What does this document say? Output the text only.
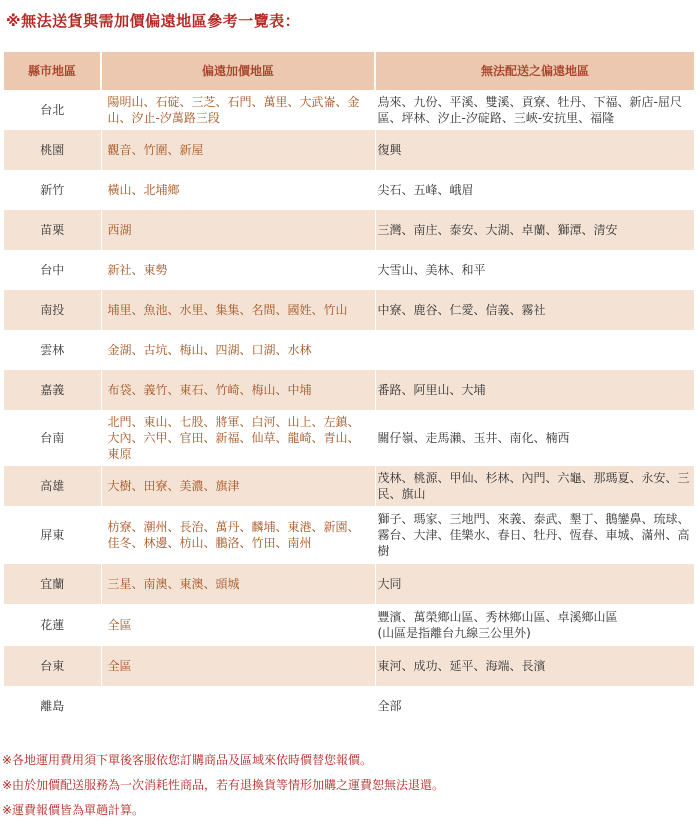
※無法送貨與需加價偏遠地區參考一覽表：
縣市地區	偏遠加價地區	無法配送之偏遠地區
台北	陽明山、石碇、三芝、石門、萬里、大武崙、金山、汐止-汐萬路三段	烏來、九份、平溪、雙溪、貢寮、牡丹、下福、新店-屈尺區、坪林、汐止-汐碇路、三峽-安抗里、福隆
桃園	觀音、竹圍、新屋	復興
新竹	橫山、北埔鄉	尖石、五峰、峨眉
苗栗	西湖	三灣、南庄、泰安、大湖、卓蘭、獅潭、清安
台中	新社、東勢	大雪山、美林、和平
南投	埔里、魚池、水里、集集、名間、國姓、竹山	中寮、鹿谷、仁愛、信義、霧社
雲林	金湖、古坑、梅山、四湖、口湖、水林	
嘉義	布袋、義竹、東石、竹崎、梅山、中埔	番路、阿里山、大埔
台南	北門、東山、七股、將軍、白河、山上、左鎮、大內、六甲、官田、新福、仙草、龍崎、青山、東原	關仔嶺、走馬瀨、玉井、南化、楠西
高雄	大樹、田寮、美濃、旗津	茂林、桃源、甲仙、杉林、內門、六龜、那瑪夏、永安、三民、旗山
屏東	枋寮、潮州、長治、萬丹、麟埔、東港、新園、佳冬、林邊、枋山、鵬洛、竹田、南州	獅子、瑪家、三地門、來義、泰武、墾丁、鵝鑾鼻、琉球、霧台、大津、佳樂水、春日、牡丹、恆春、車城、滿州、高樹
宜蘭	三星、南澳、東澳、頭城	大同
花蓮	全區	豐濱、萬榮鄉山區、秀林鄉山區、卓溪鄉山區
(山區是指離台九線三公里外)
台東	全區	東河、成功、延平、海端、長濱
離島		全部
※各地運用費用須下單後客服依您訂購商品及區域來依時價替您報價。
※由於加價配送服務為一次消耗性商品，若有退換貨等情形加購之運費恕無法退還。
※運費報價皆為單趟計算。
